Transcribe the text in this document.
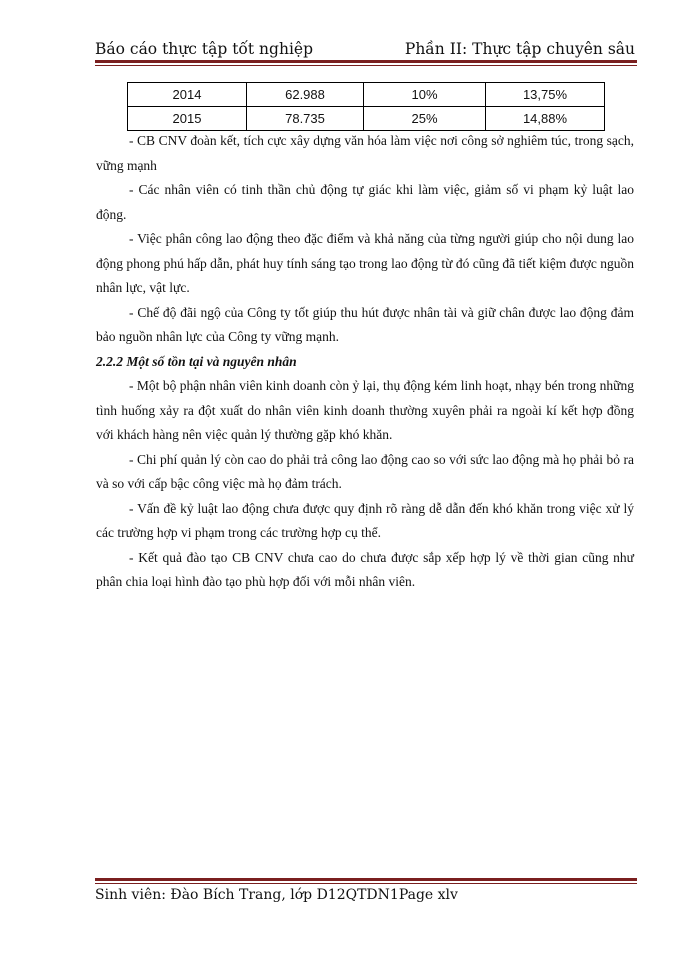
Báo cáo thực tập tốt nghiệp	Phần II: Thực tập chuyên sâu
2014	62.988	10%	13,75%
2015	78.735	25%	14,88%

- CB CNV đoàn kết, tích cực xây dựng văn hóa làm việc nơi công sở nghiêm túc, trong sạch, vững mạnh

- Các nhân viên có tinh thần chủ động tự giác khi làm việc, giảm số vi phạm kỷ luật lao động.

- Việc phân công lao động theo đặc điểm và khả năng của từng người giúp cho nội dung lao động phong phú hấp dẫn, phát huy tính sáng tạo trong lao động từ đó cũng đã tiết kiệm được nguồn nhân lực, vật lực.

- Chế độ đãi ngộ của Công ty tốt giúp thu hút được nhân tài và giữ chân được lao động đảm bảo nguồn nhân lực của Công ty vững mạnh.

2.2.2 Một số tồn tại và nguyên nhân

- Một bộ phận nhân viên kinh doanh còn ỷ lại, thụ động kém linh hoạt, nhạy bén trong những tình huống xảy ra đột xuất do nhân viên kinh doanh thường xuyên phải ra ngoài kí kết hợp đồng với khách hàng nên việc quản lý thường gặp khó khăn.

- Chi phí quản lý còn cao do phải trả công lao động cao so với sức lao động mà họ phải bỏ ra và so với cấp bậc công việc mà họ đảm trách.

- Vấn đề kỷ luật lao động chưa được quy định rõ ràng dễ dẫn đến khó khăn trong việc xử lý các trường hợp vi phạm trong các trường hợp cụ thể.

- Kết quả đào tạo CB CNV chưa cao do chưa được sắp xếp hợp lý về thời gian cũng như phân chia loại hình đào tạo phù hợp đối với mỗi nhân viên.

Sinh viên: Đào Bích Trang, lớp D12QTDN1Page xlv
